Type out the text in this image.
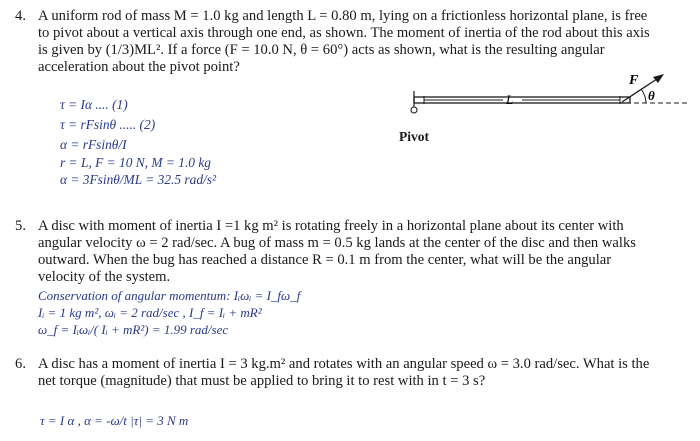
4. A uniform rod of mass M = 1.0 kg and length L = 0.80 m, lying on a frictionless horizontal plane, is free
to pivot about a vertical axis through one end, as shown. The moment of inertia of the rod about this axis
is given by (1/3)ML². If a force (F = 10.0 N, θ = 60°) acts as shown, what is the resulting angular
acceleration about the pivot point?
τ = Iα .... (1)
τ = rFsinθ ..... (2)
α = rFsinθ/I
r = L, F = 10 N, M = 1.0 kg
α = 3Fsinθ/ML = 32.5 rad/s²
L
F
θ
Pivot
5. A disc with moment of inertia I =1 kg m² is rotating freely in a horizontal plane about its center with
angular velocity ω = 2 rad/sec. A bug of mass m = 0.5 kg lands at the center of the disc and then walks
outward. When the bug has reached a distance R = 0.1 m from the center, what will be the angular
velocity of the system.
Conservation of angular momentum: Iᵢωᵢ = I_fω_f
Iᵢ = 1 kg m², ωᵢ = 2 rad/sec , I_f = Iᵢ + mR²
ω_f = Iᵢωᵢ/( Iᵢ + mR²) = 1.99 rad/sec
6. A disc has a moment of inertia I = 3 kg.m² and rotates with an angular speed ω = 3.0 rad/sec. What is the
net torque (magnitude) that must be applied to bring it to rest with in t = 3 s?
τ = I α , α = -ω/t |τ| = 3 N m
